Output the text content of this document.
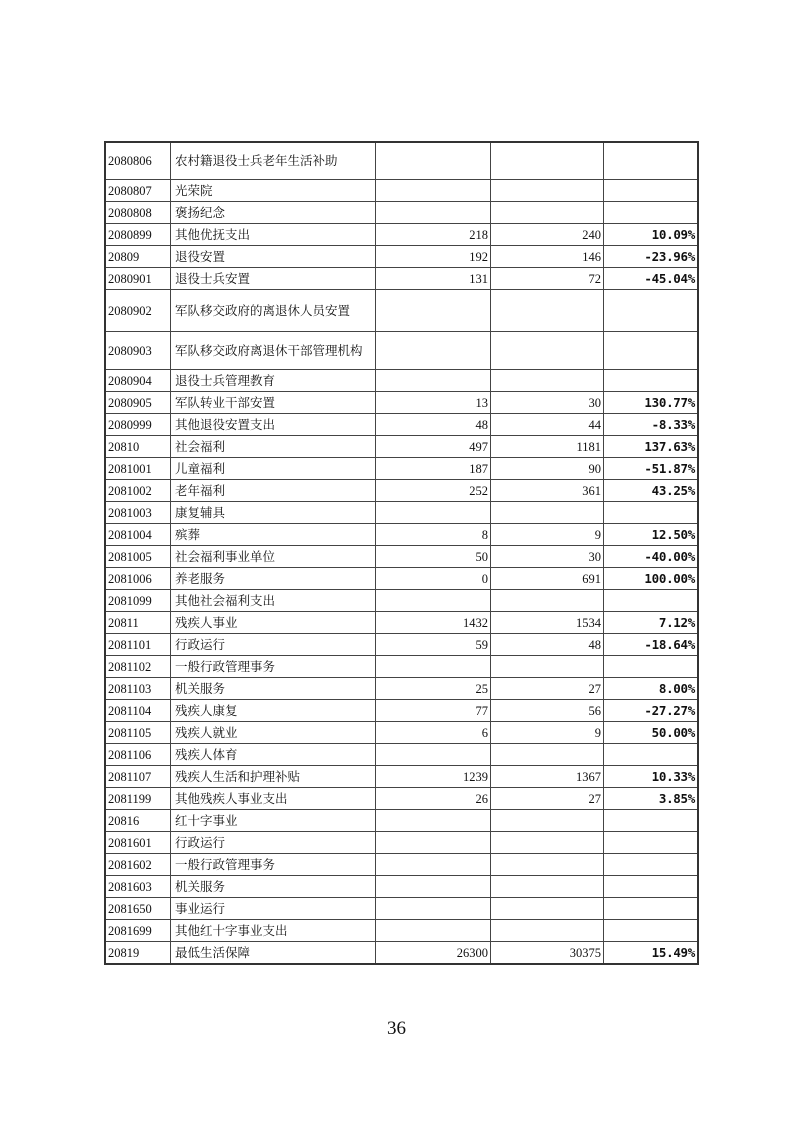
2080806	农村籍退役士兵老年生活补助			
2080807	光荣院			
2080808	褒扬纪念			
2080899	其他优抚支出	218	240	10.09%
20809	退役安置	192	146	-23.96%
2080901	退役士兵安置	131	72	-45.04%
2080902	军队移交政府的离退休人员安置			
2080903	军队移交政府离退休干部管理机构			
2080904	退役士兵管理教育			
2080905	军队转业干部安置	13	30	130.77%
2080999	其他退役安置支出	48	44	-8.33%
20810	社会福利	497	1181	137.63%
2081001	儿童福利	187	90	-51.87%
2081002	老年福利	252	361	43.25%
2081003	康复辅具			
2081004	殡葬	8	9	12.50%
2081005	社会福利事业单位	50	30	-40.00%
2081006	养老服务	0	691	100.00%
2081099	其他社会福利支出			
20811	残疾人事业	1432	1534	7.12%
2081101	行政运行	59	48	-18.64%
2081102	一般行政管理事务			
2081103	机关服务	25	27	8.00%
2081104	残疾人康复	77	56	-27.27%
2081105	残疾人就业	6	9	50.00%
2081106	残疾人体育			
2081107	残疾人生活和护理补贴	1239	1367	10.33%
2081199	其他残疾人事业支出	26	27	3.85%
20816	红十字事业			
2081601	行政运行			
2081602	一般行政管理事务			
2081603	机关服务			
2081650	事业运行			
2081699	其他红十字事业支出			
20819	最低生活保障	26300	30375	15.49%
36
